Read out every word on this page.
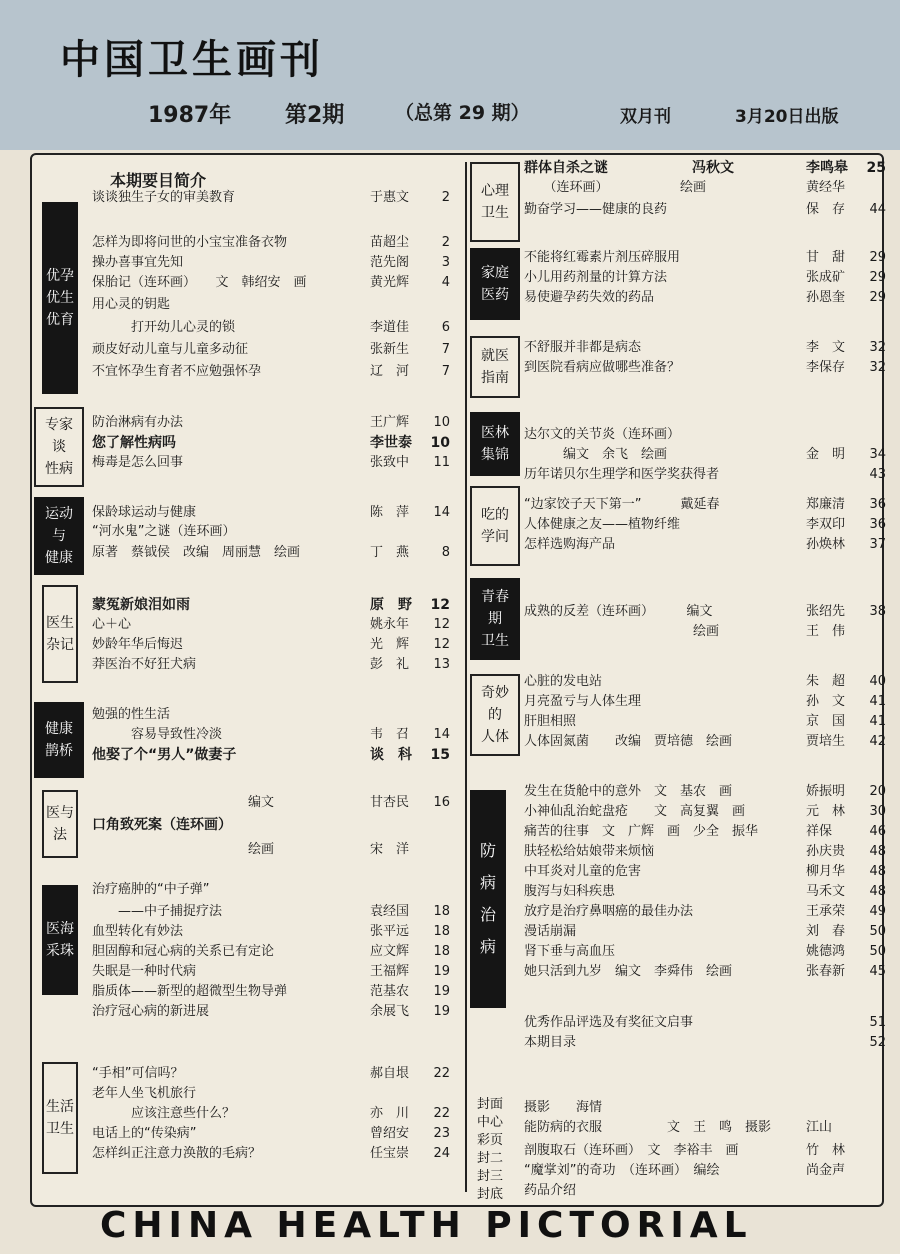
中国卫生画刊
1987年 第2期	（总第 29 期）	双月刊	3月20日出版
本期要目简介
优孕
优生
优育
专家
谈
性病
运动
与
健康
医生
杂记
健康
鹊桥
医与
法
医海
采珠
生活
卫生
心理
卫生
家庭
医药
就医
指南
医林
集锦
吃的
学问
青春
期
卫生
奇妙
的
人体
防
病
治
病
封面
中心
彩页
封二
封三
封底
谈谈独生子女的审美教育	于惠文	2
怎样为即将问世的小宝宝准备衣物	苗超尘	2
操办喜事宜先知	范先阁	3
保胎记（连环画）　　文　韩绍安　画	黄光辉	4
用心灵的钥匙
　　　打开幼儿心灵的锁	李道佳	6
顽皮好动儿童与儿童多动征	张新生	7
不宜怀孕生育者不应勉强怀孕	辽　河	7
防治淋病有办法	王广辉	10
您了解性病吗	李世泰	10
梅毒是怎么回事	张致中	11
保龄球运动与健康	陈　萍	14
“河水鬼”之谜（连环画）
原著　蔡钺侯　改编　周丽慧　绘画	丁　燕	8
蒙冤新娘泪如雨	原　野	12
心＋心	姚永年	12
妙龄年华后悔迟	光　辉	12
莽医治不好狂犬病	彭　礼	13
勉强的性生活
　　　容易导致性冷淡	韦　召	14
他娶了个“男人”做妻子	谈　科	15
　　　　　　　　　　　　编文	甘杏民	16
口角致死案（连环画）
　　　　　　　　　　　　绘画	宋　洋
治疗癌肿的“中子弹”
　　——中子捕捉疗法	袁经国	18
血型转化有妙法	张平远	18
胆固醇和冠心病的关系已有定论	应文辉	18
失眠是一种时代病	王福辉	19
脂质体——新型的超微型生物导弹	范基农	19
治疗冠心病的新进展	余展飞	19
“手相”可信吗？	郝自垠	22
老年人坐飞机旅行
　　　应该注意些什么？	亦　川	22
电话上的“传染病”	曾绍安	23
怎样纠正注意力涣散的毛病？	任宝崇	24
群体自杀之谜　　　　　　冯秋文	李鸣皋	25
　　（连环画）　　　　　　绘画	黄经华
勤奋学习——健康的良药	保　存	44
不能将红霉素片剂压碎服用	甘　甜	29
小儿用药剂量的计算方法	张成矿	29
易使避孕药失效的药品	孙恩奎	29
不舒服并非都是病态	李　文	32
到医院看病应做哪些准备？	李保存	32
达尔文的关节炎（连环画）
　　　编文　余飞　绘画	金　明	34
历年诺贝尔生理学和医学奖获得者	43
“边家饺子天下第一”　　　戴延春	郑廉清	36
人体健康之友——植物纤维	李双印	36
怎样选购海产品	孙焕林	37
成熟的反差（连环画）　　　编文	张绍先	38
　　　　　　　　　　　　　绘画	王　伟
心脏的发电站	朱　超	40
月亮盈亏与人体生理	孙　文	41
肝胆相照	京　国	41
人体固氮菌　　改编　贾培德　绘画	贾培生	42
发生在货舱中的意外　文　基农　画	娇振明	20
小神仙乱治蛇盘疮　　文　高复翼　画	元　林	30
痛苦的往事　文　广辉　画　少全　振华	祥保	46
肤轻松给姑娘带来烦恼	孙庆贵	48
中耳炎对儿童的危害	柳月华	48
腹泻与妇科疾患	马禾文	48
放疗是治疗鼻咽癌的最佳办法	王承荣	49
漫话崩漏	刘　春	50
肾下垂与高血压	姚德鸿	50
她只活到九岁　编文　李舜伟　绘画	张春新	45
优秀作品评选及有奖征文启事	51
本期目录	52
摄影　　海情
能防病的衣服　　　　　文　王　鸣　摄影	江山
剖腹取石（连环画）　文　李裕丰　画	竹　林
“魔掌刘”的奇功　（连环画）　编绘	尚金声
药品介绍
CHINA HEALTH PICTORIAL
